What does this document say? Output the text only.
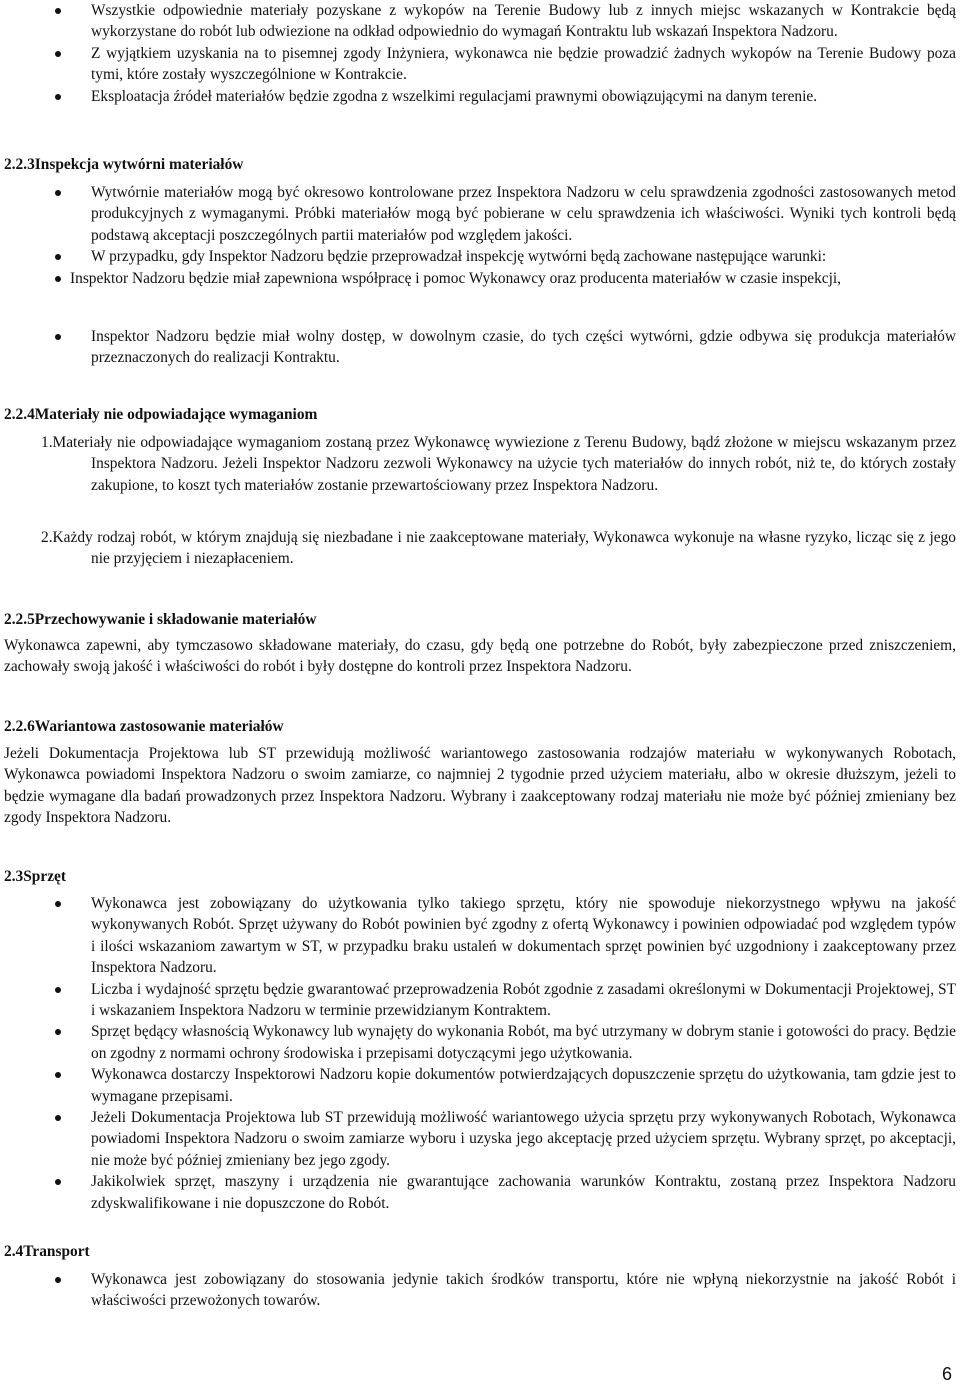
Wszystkie odpowiednie materiały pozyskane z wykopów na Terenie Budowy lub z innych miejsc wskazanych w Kontrakcie będą wykorzystane do robót lub odwiezione na odkład odpowiednio do wymagań Kontraktu lub wskazań Inspektora Nadzoru.
Z wyjątkiem uzyskania na to pisemnej zgody Inżyniera, wykonawca nie będzie prowadzić żadnych wykopów na Terenie Budowy poza tymi, które zostały wyszczególnione w Kontrakcie.
Eksploatacja źródeł materiałów będzie zgodna z wszelkimi regulacjami prawnymi obowiązującymi na danym terenie.
2.2.3Inspekcja wytwórni materiałów
Wytwórnie materiałów mogą być okresowo kontrolowane przez Inspektora Nadzoru w celu sprawdzenia zgodności zastosowanych metod produkcyjnych z wymaganymi. Próbki materiałów mogą być pobierane w celu sprawdzenia ich właściwości. Wyniki tych kontroli będą podstawą akceptacji poszczególnych partii materiałów pod względem jakości.
W przypadku, gdy Inspektor Nadzoru będzie przeprowadzał inspekcję wytwórni będą zachowane następujące warunki:
Inspektor Nadzoru będzie miał zapewniona współpracę i pomoc Wykonawcy oraz producenta materiałów w czasie inspekcji,
Inspektor Nadzoru będzie miał wolny dostęp, w dowolnym czasie, do tych części wytwórni, gdzie odbywa się produkcja materiałów przeznaczonych do realizacji Kontraktu.
2.2.4Materiały nie odpowiadające wymaganiom

1.Materiały nie odpowiadające wymaganiom zostaną przez Wykonawcę wywiezione z Terenu Budowy, bądź złożone w miejscu wskazanym przez Inspektora Nadzoru. Jeżeli Inspektor Nadzoru zezwoli Wykonawcy na użycie tych materiałów do innych robót, niż te, do których zostały zakupione, to koszt tych materiałów zostanie przewartościowany przez Inspektora Nadzoru.

2.Każdy rodzaj robót, w którym znajdują się niezbadane i nie zaakceptowane materiały, Wykonawca wykonuje na własne ryzyko, licząc się z jego nie przyjęciem i niezapłaceniem.

2.2.5Przechowywanie i składowanie materiałów

Wykonawca zapewni, aby tymczasowo składowane materiały, do czasu, gdy będą one potrzebne do Robót, były zabezpieczone przed zniszczeniem, zachowały swoją jakość i właściwości do robót i były dostępne do kontroli przez Inspektora Nadzoru.

2.2.6Wariantowa zastosowanie materiałów

Jeżeli Dokumentacja Projektowa lub ST przewidują możliwość wariantowego zastosowania rodzajów materiału w wykonywanych Robotach, Wykonawca powiadomi Inspektora Nadzoru o swoim zamiarze, co najmniej 2 tygodnie przed użyciem materiału, albo w okresie dłuższym, jeżeli to będzie wymagane dla badań prowadzonych przez Inspektora Nadzoru. Wybrany i zaakceptowany rodzaj materiału nie może być później zmieniany bez zgody Inspektora Nadzoru.

2.3Sprzęt
Wykonawca jest zobowiązany do użytkowania tylko takiego sprzętu, który nie spowoduje niekorzystnego wpływu na jakość wykonywanych Robót. Sprzęt używany do Robót powinien być zgodny z ofertą Wykonawcy i powinien odpowiadać pod względem typów i ilości wskazaniom zawartym w ST, w przypadku braku ustaleń w dokumentach sprzęt powinien być uzgodniony i zaakceptowany przez Inspektora Nadzoru.
Liczba i wydajność sprzętu będzie gwarantować przeprowadzenia Robót zgodnie z zasadami określonymi w Dokumentacji Projektowej, ST i wskazaniem Inspektora Nadzoru w terminie przewidzianym Kontraktem.
Sprzęt będący własnością Wykonawcy lub wynajęty do wykonania Robót, ma być utrzymany w dobrym stanie i gotowości do pracy. Będzie on zgodny z normami ochrony środowiska i przepisami dotyczącymi jego użytkowania.
Wykonawca dostarczy Inspektorowi Nadzoru kopie dokumentów potwierdzających dopuszczenie sprzętu do użytkowania, tam gdzie jest to wymagane przepisami.
Jeżeli Dokumentacja Projektowa lub ST przewidują możliwość wariantowego użycia sprzętu przy wykonywanych Robotach, Wykonawca powiadomi Inspektora Nadzoru o swoim zamiarze wyboru i uzyska jego akceptację przed użyciem sprzętu. Wybrany sprzęt, po akceptacji, nie może być później zmieniany bez jego zgody.
Jakikolwiek sprzęt, maszyny i urządzenia nie gwarantujące zachowania warunków Kontraktu, zostaną przez Inspektora Nadzoru zdyskwalifikowane i nie dopuszczone do Robót.
2.4Transport
Wykonawca jest zobowiązany do stosowania jedynie takich środków transportu, które nie wpłyną niekorzystnie na jakość Robót i właściwości przewożonych towarów.
6
